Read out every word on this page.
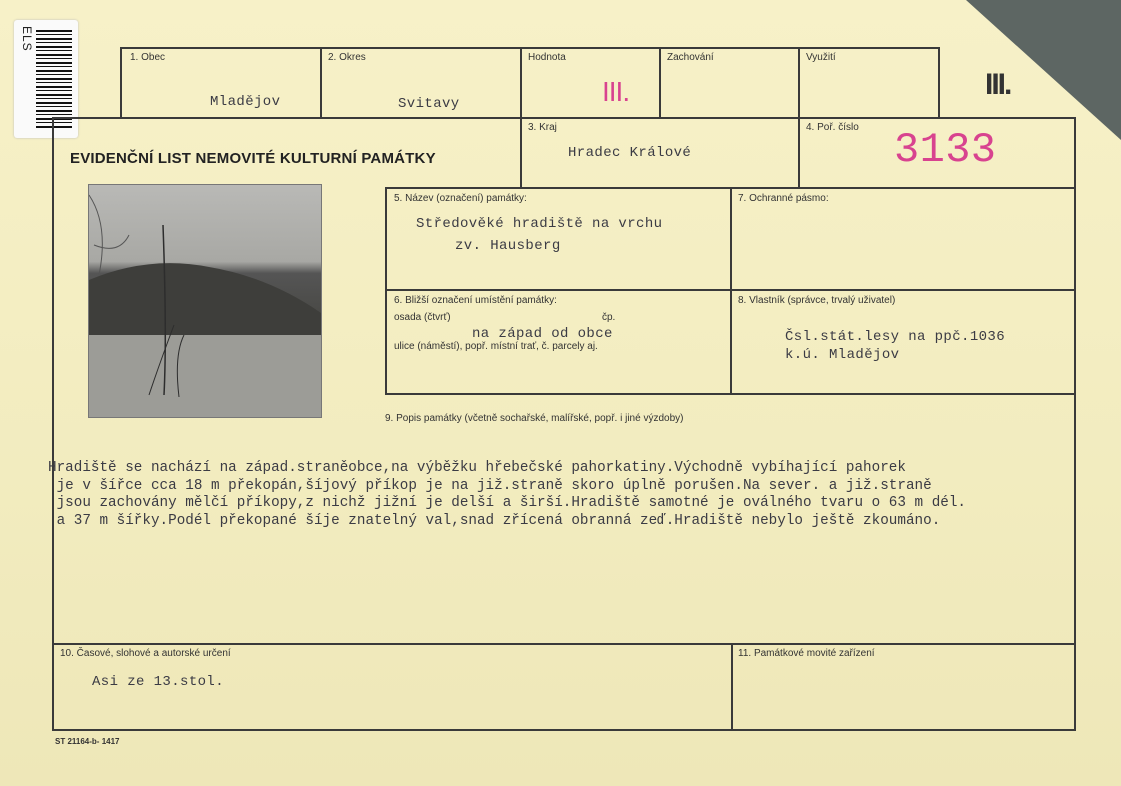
ELS
1. Obec
Mladějov
2. Okres
Svitavy
Hodnota
III.
Zachování	Využití
III.
EVIDENČNÍ LIST NEMOVITÉ KULTURNÍ PAMÁTKY
3. Kraj
Hradec Králové
4. Poř. číslo 3133
5. Název (označení) památky:
Středověké hradiště na vrchu
zv. Hausberg
7. Ochranné pásmo:
6. Bližší označení umístění památky:
osada (čtvrť)	čp.
ulice (náměstí), popř. místní trať, č. parcely aj.
na západ od obce
8. Vlastník (správce, trvalý uživatel)
Čsl.stát.lesy na ppč.1036
k.ú. Mladějov
9. Popis památky (včetně sochařské, malířské, popř. i jiné výzdoby)
Hradiště se nachází na západ.straněobce,na výběžku hřebečské pahorkatiny.Východně vybíhající pahorek
je v šířce cca 18 m překopán,šíjový příkop je na již.straně skoro úplně porušen.Na sever. a již.straně
jsou zachovány mělčí příkopy,z nichž jižní je delší a širší.Hradiště samotné je oválného tvaru o 63 m dél.
a 37 m šířky.Podél překopané šíje znatelný val,snad zřícená obranná zeď.Hradiště nebylo ještě zkoumáno.
10. Časové, slohové a autorské určení
Asi ze 13.stol.
11. Památkové movité zařízení
ST 21164-b- 1417
